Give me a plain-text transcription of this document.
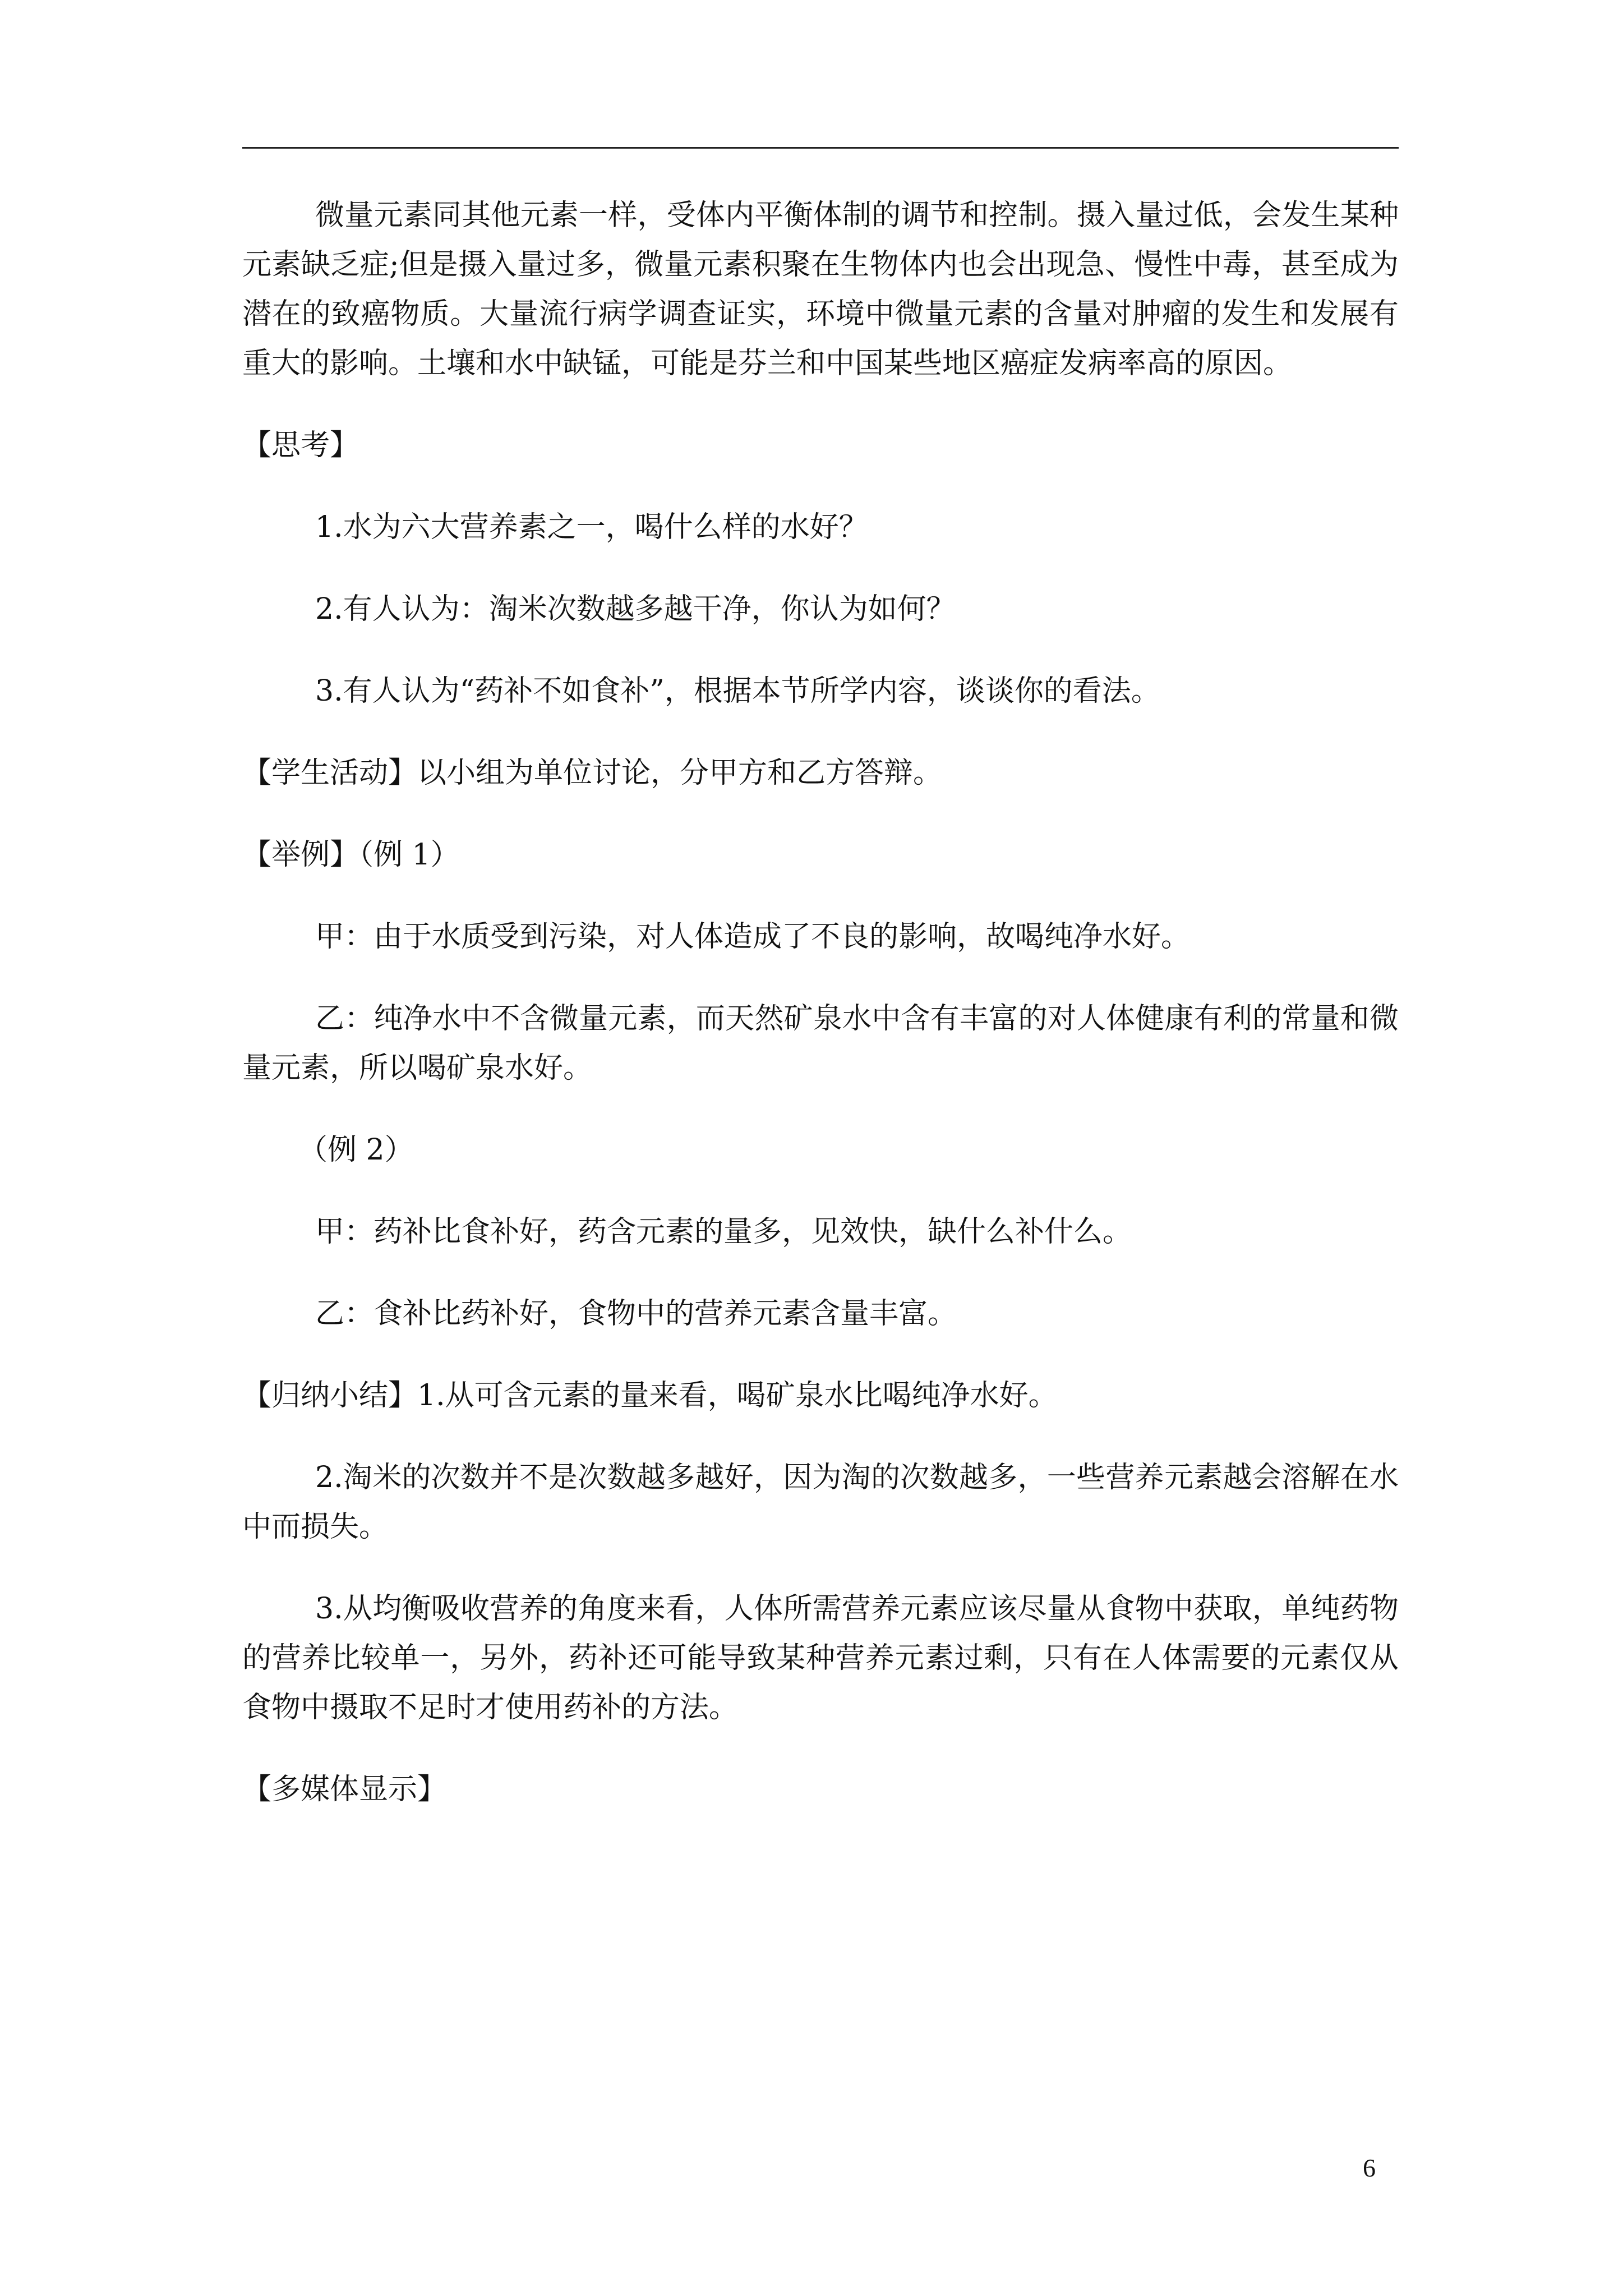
微量元素同其他元素一样，受体内平衡体制的调节和控制。摄入量过低，会发生某种元素缺乏症;但是摄入量过多，微量元素积聚在生物体内也会出现急、慢性中毒，甚至成为潜在的致癌物质。大量流行病学调查证实，环境中微量元素的含量对肿瘤的发生和发展有重大的影响。土壤和水中缺锰，可能是芬兰和中国某些地区癌症发病率高的原因。

【思考】

1.水为六大营养素之一，喝什么样的水好？

2.有人认为：淘米次数越多越干净，你认为如何？

3.有人认为“药补不如食补”，根据本节所学内容，谈谈你的看法。

【学生活动】以小组为单位讨论，分甲方和乙方答辩。

【举例】（例 1）

甲：由于水质受到污染，对人体造成了不良的影响，故喝纯净水好。

乙：纯净水中不含微量元素，而天然矿泉水中含有丰富的对人体健康有利的常量和微量元素，所以喝矿泉水好。

（例 2）

甲：药补比食补好，药含元素的量多，见效快，缺什么补什么。

乙：食补比药补好，食物中的营养元素含量丰富。

【归纳小结】1.从可含元素的量来看，喝矿泉水比喝纯净水好。

2.淘米的次数并不是次数越多越好，因为淘的次数越多，一些营养元素越会溶解在水中而损失。

3.从均衡吸收营养的角度来看，人体所需营养元素应该尽量从食物中获取，单纯药物的营养比较单一，另外，药补还可能导致某种营养元素过剩，只有在人体需要的元素仅从食物中摄取不足时才使用药补的方法。

【多媒体显示】

6
